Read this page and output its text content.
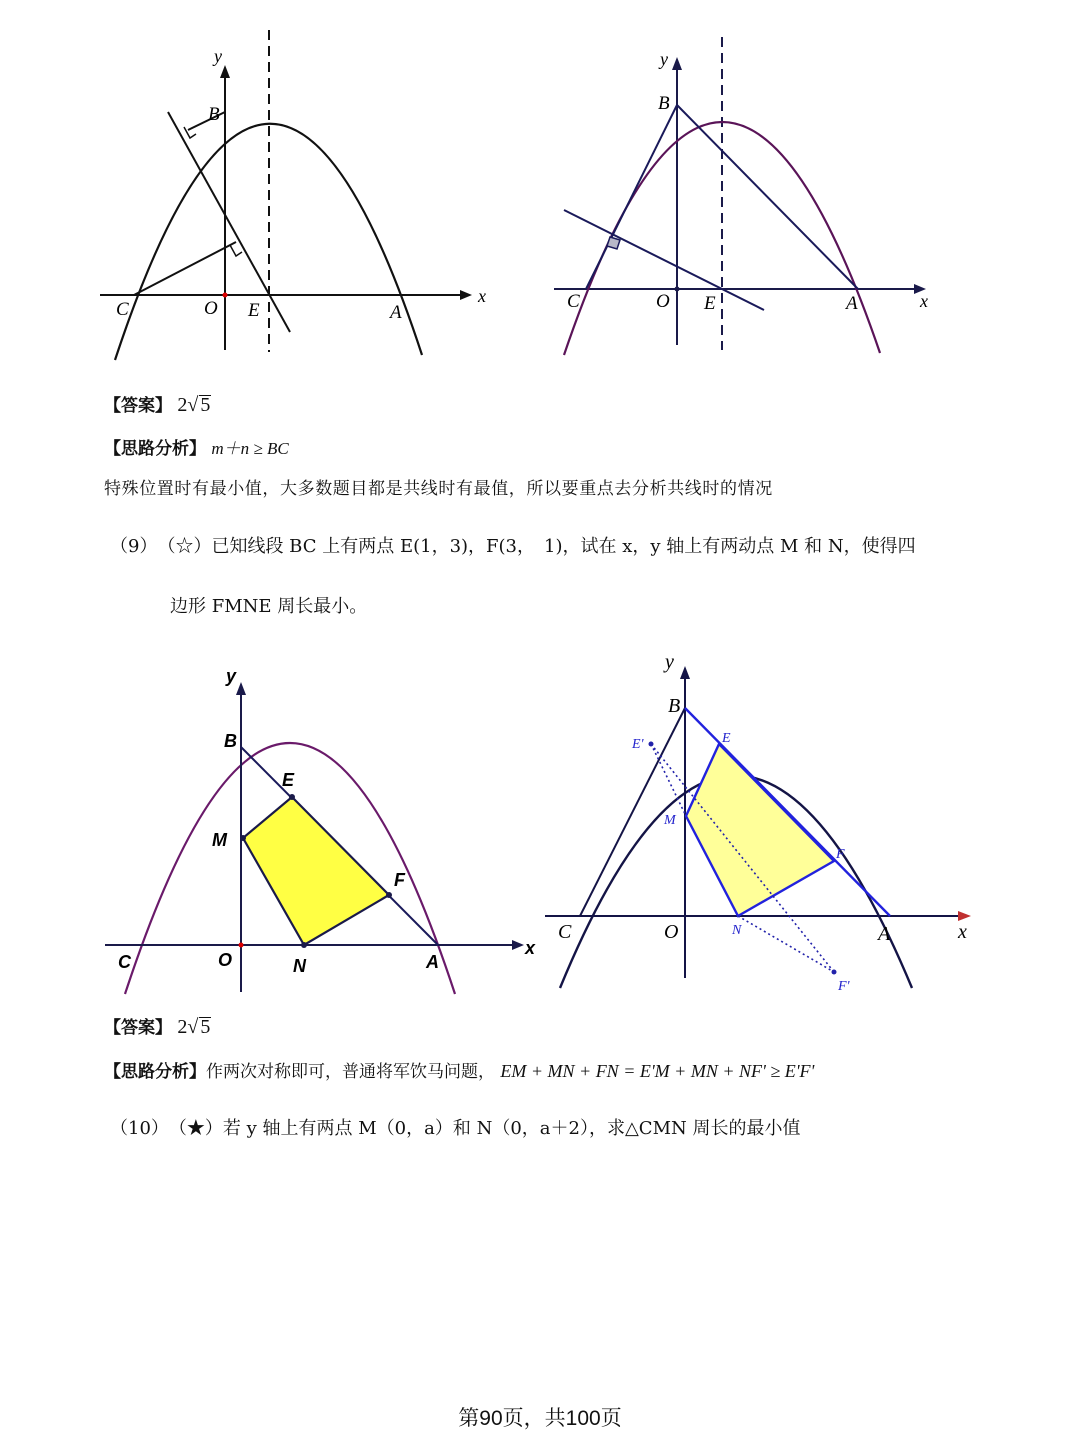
y
x
B
C	O E	A
y
x
B
C	O E	A
【答案】 2√ 5
【思路分析】 m＋n ≥ BC
特殊位置时有最小值，大多数题目都是共线时有最值，所以要重点去分析共线时的情况
（9）　（☆）已知线段 BC 上有两点 E(1，3)，F(3，　1)，试在 x，y 轴上有两动点 M 和 N，使得四
边形 FMNE 周长最小。
y
x
B
E
M
F
C	O	N	A
y
x
B
E
E'
M
F
C	O	N	A
F'
【答案】 2√ 5
【思路分析】作两次对称即可，普通将军饮马问题， EM + MN + FN = E'M + MN + NF' ≥ E'F'
（10）　（★）若 y 轴上有两点 M（0，a）和 N（0，a＋2），求△CMN 周长的最小值
第90页，共100页
